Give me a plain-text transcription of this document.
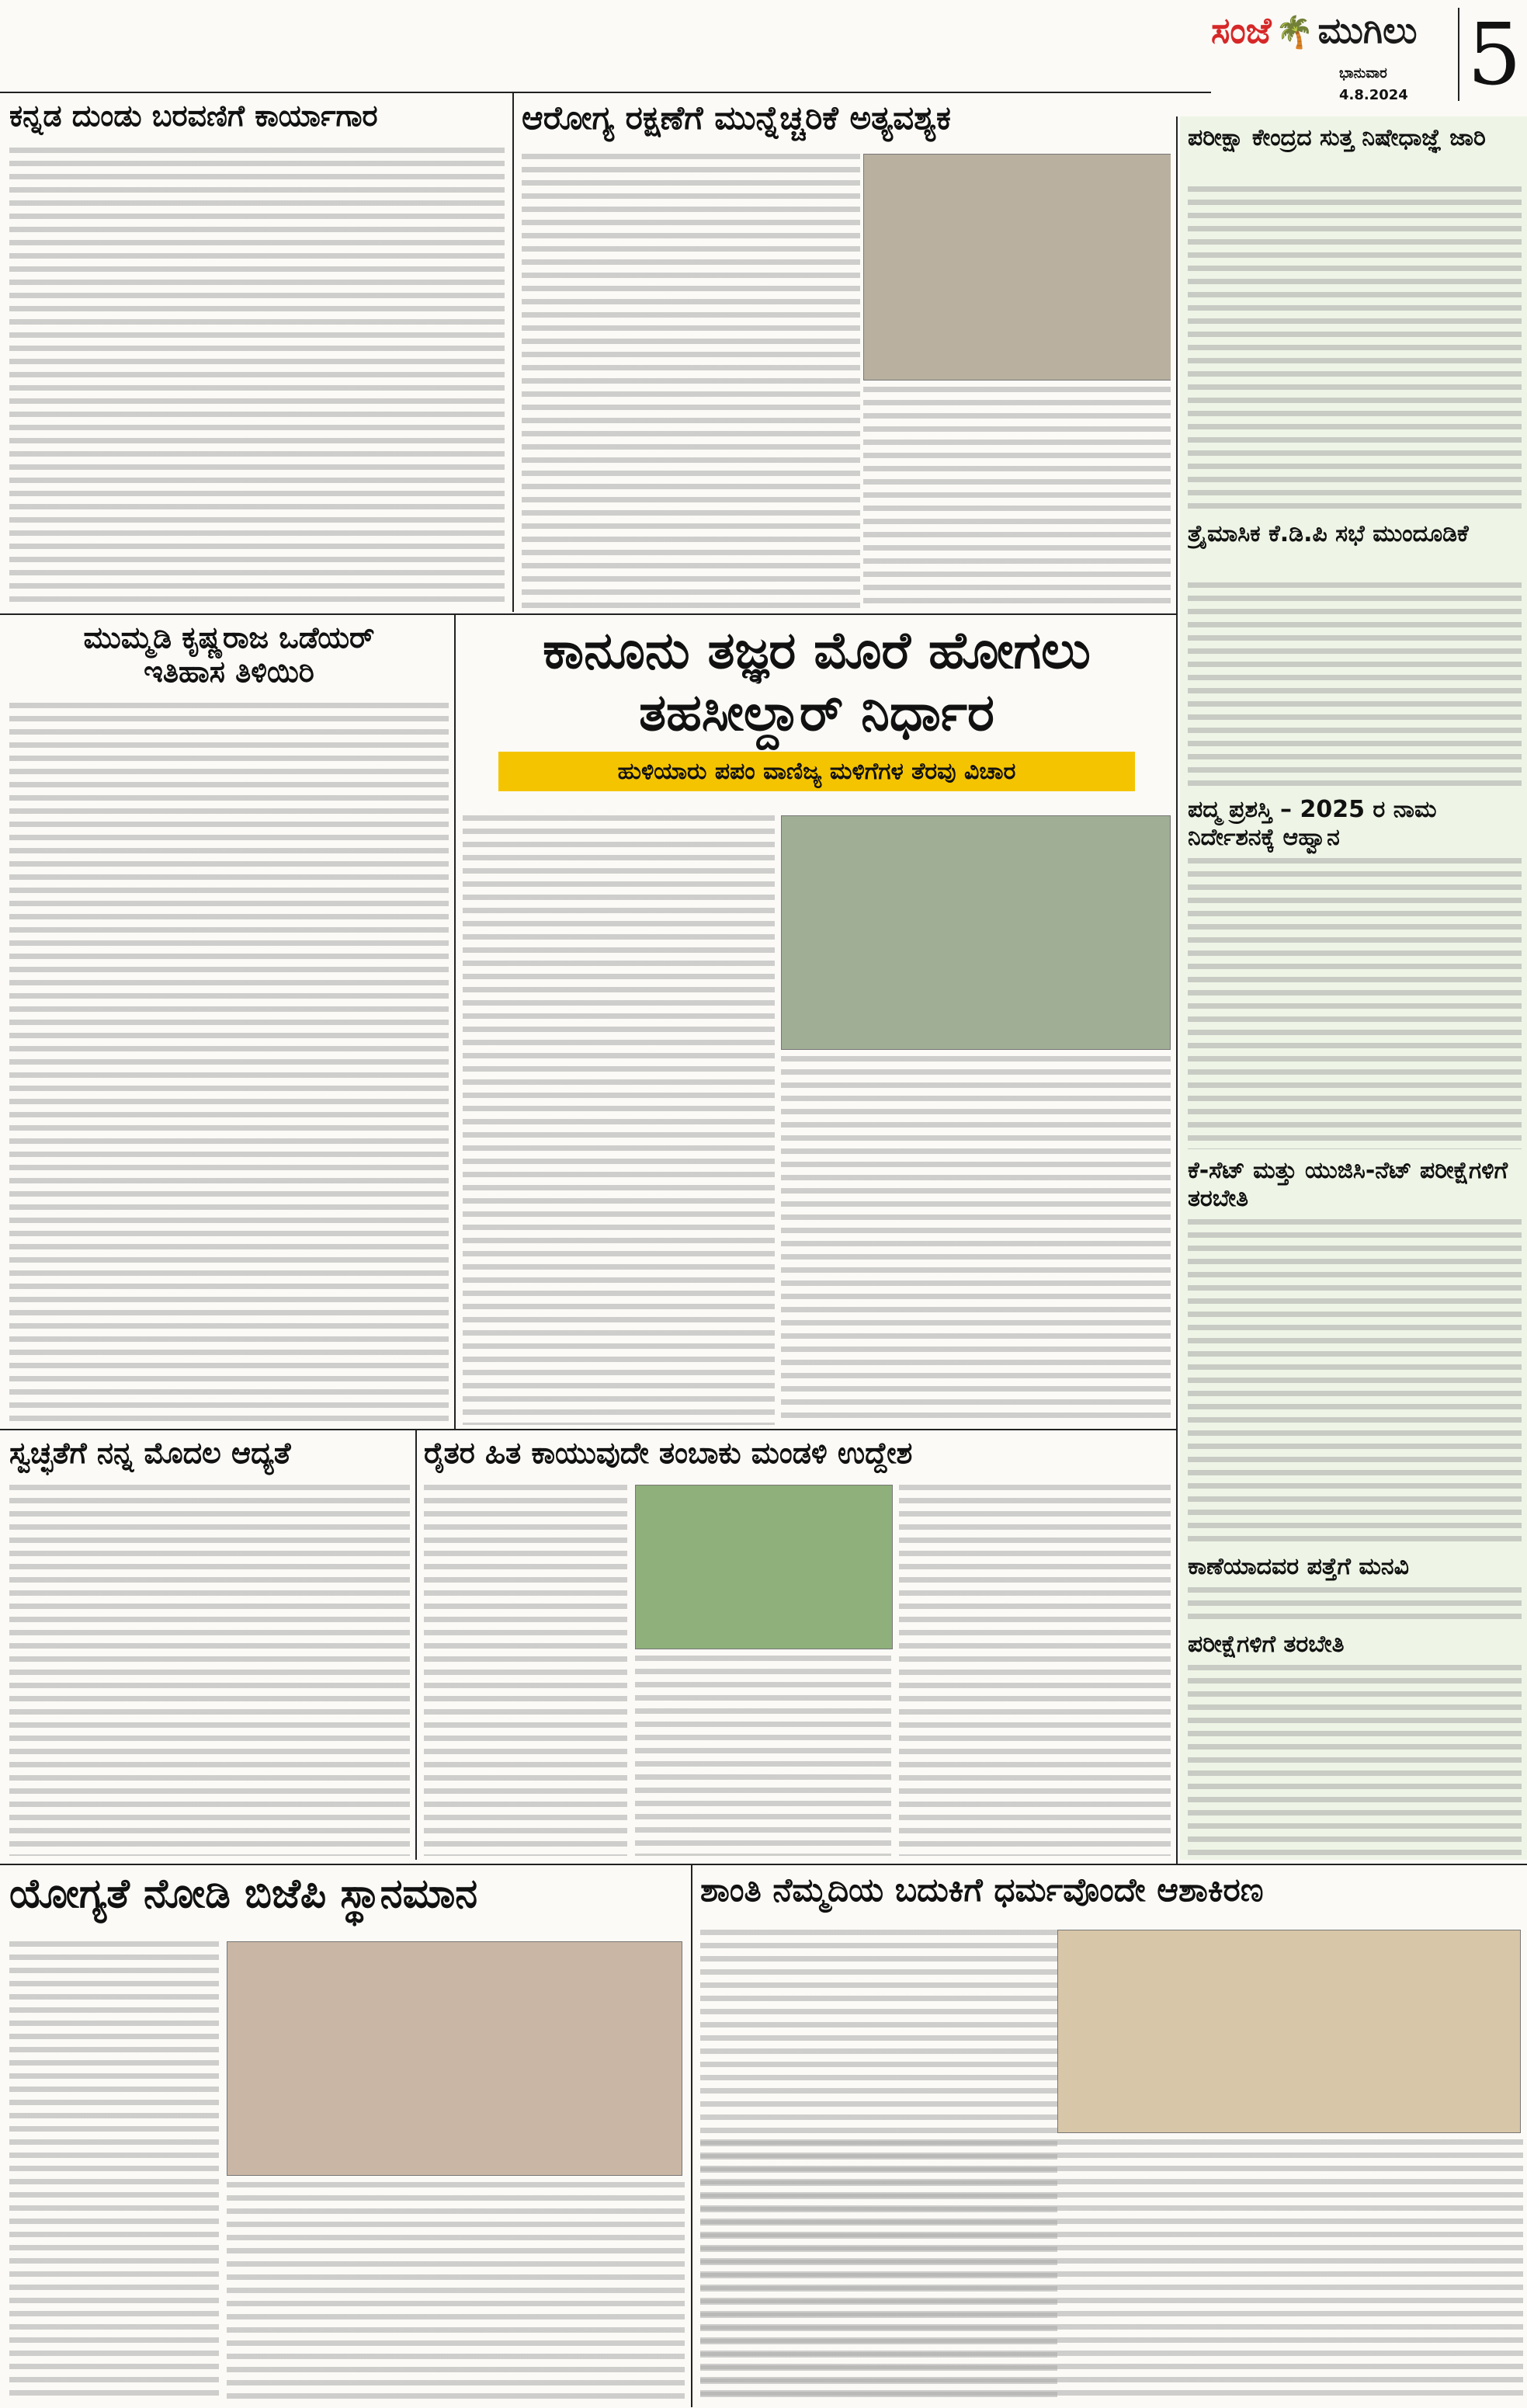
ಸಂಜೆ 🌴 ಮುಗಿಲು
ಭಾನುವಾರ
4.8.2024 5
ಕನ್ನಡ ದುಂಡು ಬರವಣಿಗೆ ಕಾರ್ಯಾಗಾರ	ಆರೋಗ್ಯ ರಕ್ಷಣೆಗೆ ಮುನ್ನೆಚ್ಚರಿಕೆ ಅತ್ಯವಶ್ಯಕ
ಪರೀಕ್ಷಾ ಕೇಂದ್ರದ ಸುತ್ತ ನಿಷೇಧಾಜ್ಞೆ ಜಾರಿ
ತ್ರೈಮಾಸಿಕ ಕೆ.ಡಿ.ಪಿ ಸಭೆ ಮುಂದೂಡಿಕೆ
ಪದ್ಮ ಪ್ರಶಸ್ತಿ – 2025 ರ ನಾಮ ನಿರ್ದೇಶನಕ್ಕೆ ಆಹ್ವಾನ
ಕೆ-ಸೆಟ್ ಮತ್ತು ಯುಜಿಸಿ-ನೆಟ್ ಪರೀಕ್ಷೆಗಳಿಗೆ ತರಬೇತಿ
ಕಾಣೆಯಾದವರ ಪತ್ತೆಗೆ ಮನವಿ
ಪರೀಕ್ಷೆಗಳಿಗೆ ತರಬೇತಿ
ಮುಮ್ಮಡಿ ಕೃಷ್ಣರಾಜ ಒಡೆಯರ್ ಇತಿಹಾಸ ತಿಳಿಯಿರಿ	ಕಾನೂನು ತಜ್ಞರ ಮೊರೆ ಹೋಗಲು
ತಹಸೀಲ್ದಾರ್ ನಿರ್ಧಾರ
ಹುಳಿಯಾರು ಪಪಂ ವಾಣಿಜ್ಯ ಮಳಿಗೆಗಳ ತೆರವು ವಿಚಾರ
ಸ್ವಚ್ಛತೆಗೆ ನನ್ನ ಮೊದಲ ಆದ್ಯತೆ	ರೈತರ ಹಿತ ಕಾಯುವುದೇ ತಂಬಾಕು ಮಂಡಳಿ ಉದ್ದೇಶ
ಯೋಗ್ಯತೆ ನೋಡಿ ಬಿಜೆಪಿ ಸ್ಥಾನಮಾನ	ಶಾಂತಿ ನೆಮ್ಮದಿಯ ಬದುಕಿಗೆ ಧರ್ಮವೊಂದೇ ಆಶಾಕಿರಣ
